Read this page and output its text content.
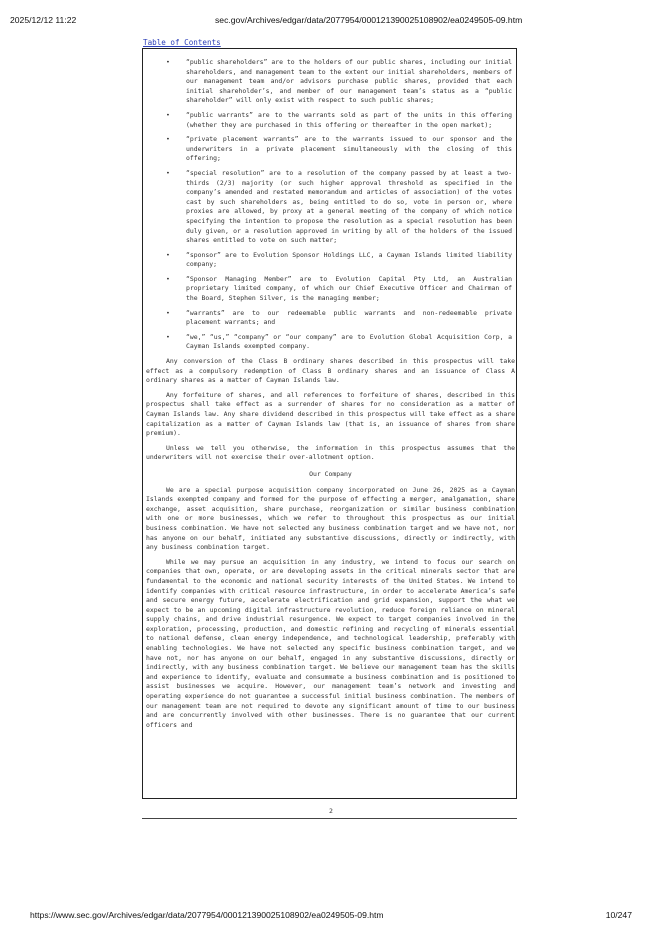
2025/12/12 11:22	sec.gov/Archives/edgar/data/2077954/000121390025108902/ea0249505-09.htm
Table of Contents
• “public shareholders” are to the holders of our public shares, including our initial shareholders, and management team to the extent our initial shareholders, members of our management team and/or advisors purchase public shares, provided that each initial shareholder’s, and member of our management team’s status as a “public shareholder” will only exist with respect to such public shares;
• “public warrants” are to the warrants sold as part of the units in this offering (whether they are purchased in this offering or thereafter in the open market);
• “private placement warrants” are to the warrants issued to our sponsor and the underwriters in a private placement simultaneously with the closing of this offering;
• “special resolution” are to a resolution of the company passed by at least a two-thirds (2/3) majority (or such higher approval threshold as specified in the company’s amended and restated memorandum and articles of association) of the votes cast by such shareholders as, being entitled to do so, vote in person or, where proxies are allowed, by proxy at a general meeting of the company of which notice specifying the intention to propose the resolution as a special resolution has been duly given, or a resolution approved in writing by all of the holders of the issued shares entitled to vote on such matter;
• “sponsor” are to Evolution Sponsor Holdings LLC, a Cayman Islands limited liability company;
• “Sponsor Managing Member” are to Evolution Capital Pty Ltd, an Australian proprietary limited company, of which our Chief Executive Officer and Chairman of the Board, Stephen Silver, is the managing member;
• “warrants” are to our redeemable public warrants and non-redeemable private placement warrants; and
• “we,” “us,” “company” or “our company” are to Evolution Global Acquisition Corp, a Cayman Islands exempted company.

Any conversion of the Class B ordinary shares described in this prospectus will take effect as a compulsory redemption of Class B ordinary shares and an issuance of Class A ordinary shares as a matter of Cayman Islands law.

Any forfeiture of shares, and all references to forfeiture of shares, described in this prospectus shall take effect as a surrender of shares for no consideration as a matter of Cayman Islands law. Any share dividend described in this prospectus will take effect as a share capitalization as a matter of Cayman Islands law (that is, an issuance of shares from share premium).

Unless we tell you otherwise, the information in this prospectus assumes that the underwriters will not exercise their over-allotment option.

Our Company

We are a special purpose acquisition company incorporated on June 26, 2025 as a Cayman Islands exempted company and formed for the purpose of effecting a merger, amalgamation, share exchange, asset acquisition, share purchase, reorganization or similar business combination with one or more businesses, which we refer to throughout this prospectus as our initial business combination. We have not selected any business combination target and we have not, nor has anyone on our behalf, initiated any substantive discussions, directly or indirectly, with any business combination target.

While we may pursue an acquisition in any industry, we intend to focus our search on companies that own, operate, or are developing assets in the critical minerals sector that are fundamental to the economic and national security interests of the United States. We intend to identify companies with critical resource infrastructure, in order to accelerate America’s safe and secure energy future, accelerate electrification and grid expansion, support the what we expect to be an upcoming digital infrastructure revolution, reduce foreign reliance on mineral supply chains, and drive industrial resurgence. We expect to target companies involved in the exploration, processing, production, and domestic refining and recycling of minerals essential to national defense, clean energy independence, and technological leadership, preferably with enabling technologies. We have not selected any specific business combination target, and we have not, nor has anyone on our behalf, engaged in any substantive discussions, directly or indirectly, with any business combination target. We believe our management team has the skills and experience to identify, evaluate and consummate a business combination and is positioned to assist businesses we acquire. However, our management team’s network and investing and operating experience do not guarantee a successful initial business combination. The members of our management team are not required to devote any significant amount of time to our business and are concurrently involved with other businesses. There is no guarantee that our current officers and

2
https://www.sec.gov/Archives/edgar/data/2077954/000121390025108902/ea0249505-09.htm	10/247
